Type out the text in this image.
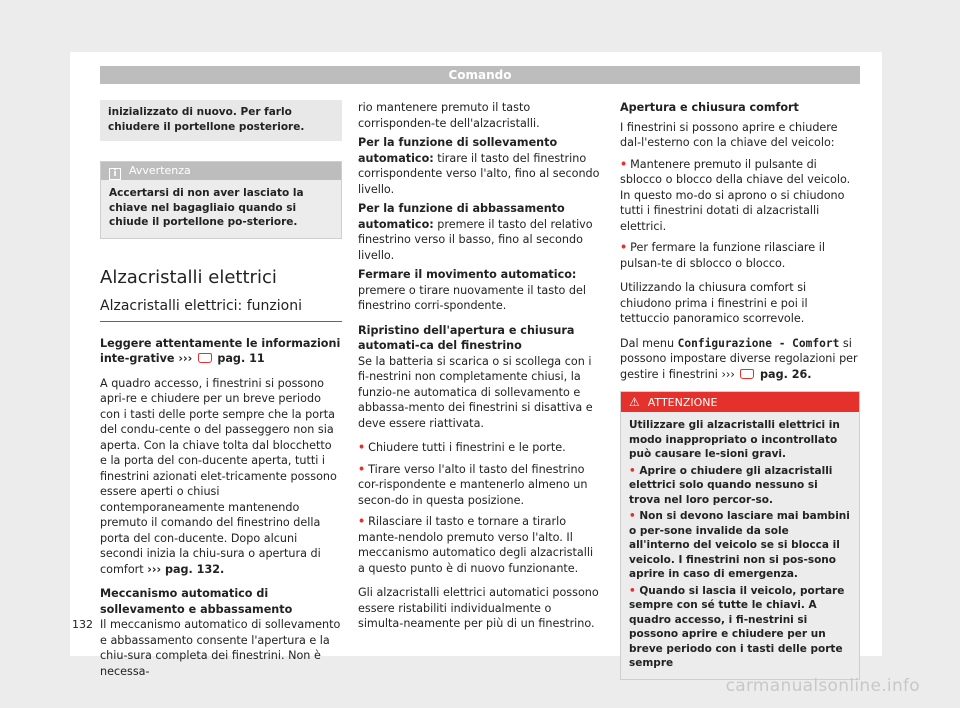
Comando
inizializzato di nuovo. Per farlo chiudere il portellone posteriore.
i Avvertenza
Accertarsi di non aver lasciato la chiave nel bagagliaio quando si chiude il portellone po-steriore.
Alzacristalli elettrici
Alzacristalli elettrici: funzioni

Leggere attentamente le informazioni inte-grative ››› pag. 11

A quadro accesso, i finestrini si possono apri-re e chiudere per un breve periodo con i tasti delle porte sempre che la porta del condu-cente o del passeggero non sia aperta. Con la chiave tolta dal blocchetto e la porta del con-ducente aperta, tutti i finestrini azionati elet-tricamente possono essere aperti o chiusi contemporaneamente mantenendo premuto il comando del finestrino della porta del con-ducente. Dopo alcuni secondi inizia la chiu-sura o apertura di comfort ››› pag. 132.

Meccanismo automatico di sollevamento e abbassamento

Il meccanismo automatico di sollevamento e abbassamento consente l'apertura e la chiu-sura completa dei finestrini. Non è necessa-

rio mantenere premuto il tasto corrisponden-te dell'alzacristalli.

Per la funzione di sollevamento automatico: tirare il tasto del finestrino corrispondente verso l'alto, fino al secondo livello.

Per la funzione di abbassamento automatico: premere il tasto del relativo finestrino verso il basso, fino al secondo livello.

Fermare il movimento automatico: premere o tirare nuovamente il tasto del finestrino corri-spondente.

Ripristino dell'apertura e chiusura automati-ca del finestrino

Se la batteria si scarica o si scollega con i fi-nestrini non completamente chiusi, la funzio-ne automatica di sollevamento e abbassa-mento dei finestrini si disattiva e deve essere riattivata.

• Chiudere tutti i finestrini e le porte.
• Tirare verso l'alto il tasto del finestrino cor-rispondente e mantenerlo almeno un secon-do in questa posizione.
• Rilasciare il tasto e tornare a tirarlo mante-nendolo premuto verso l'alto. Il meccanismo automatico degli alzacristalli a questo punto è di nuovo funzionante.

Gli alzacristalli elettrici automatici possono essere ristabiliti individualmente o simulta-neamente per più di un finestrino.

Apertura e chiusura comfort

I finestrini si possono aprire e chiudere dal-l'esterno con la chiave del veicolo:

• Mantenere premuto il pulsante di sblocco o blocco della chiave del veicolo. In questo mo-do si aprono o si chiudono tutti i finestrini dotati di alzacristalli elettrici.
• Per fermare la funzione rilasciare il pulsan-te di sblocco o blocco.

Utilizzando la chiusura comfort si chiudono prima i finestrini e poi il tettuccio panoramico scorrevole.

Dal menu Configurazione - Comfort si possono impostare diverse regolazioni per gestire i finestrini ››› pag. 26.

⚠ ATTENZIONE
Utilizzare gli alzacristalli elettrici in modo inappropriato o incontrollato può causare le-sioni gravi.
• Aprire o chiudere gli alzacristalli elettrici solo quando nessuno si trova nel loro percor-so.
• Non si devono lasciare mai bambini o per-sone invalide da sole all'interno del veicolo se si blocca il veicolo. I finestrini non si pos-sono aprire in caso di emergenza.
• Quando si lascia il veicolo, portare sempre con sé tutte le chiavi. A quadro accesso, i fi-nestrini si possono aprire e chiudere per un breve periodo con i tasti delle porte sempre
132
carmanualsonline.info
